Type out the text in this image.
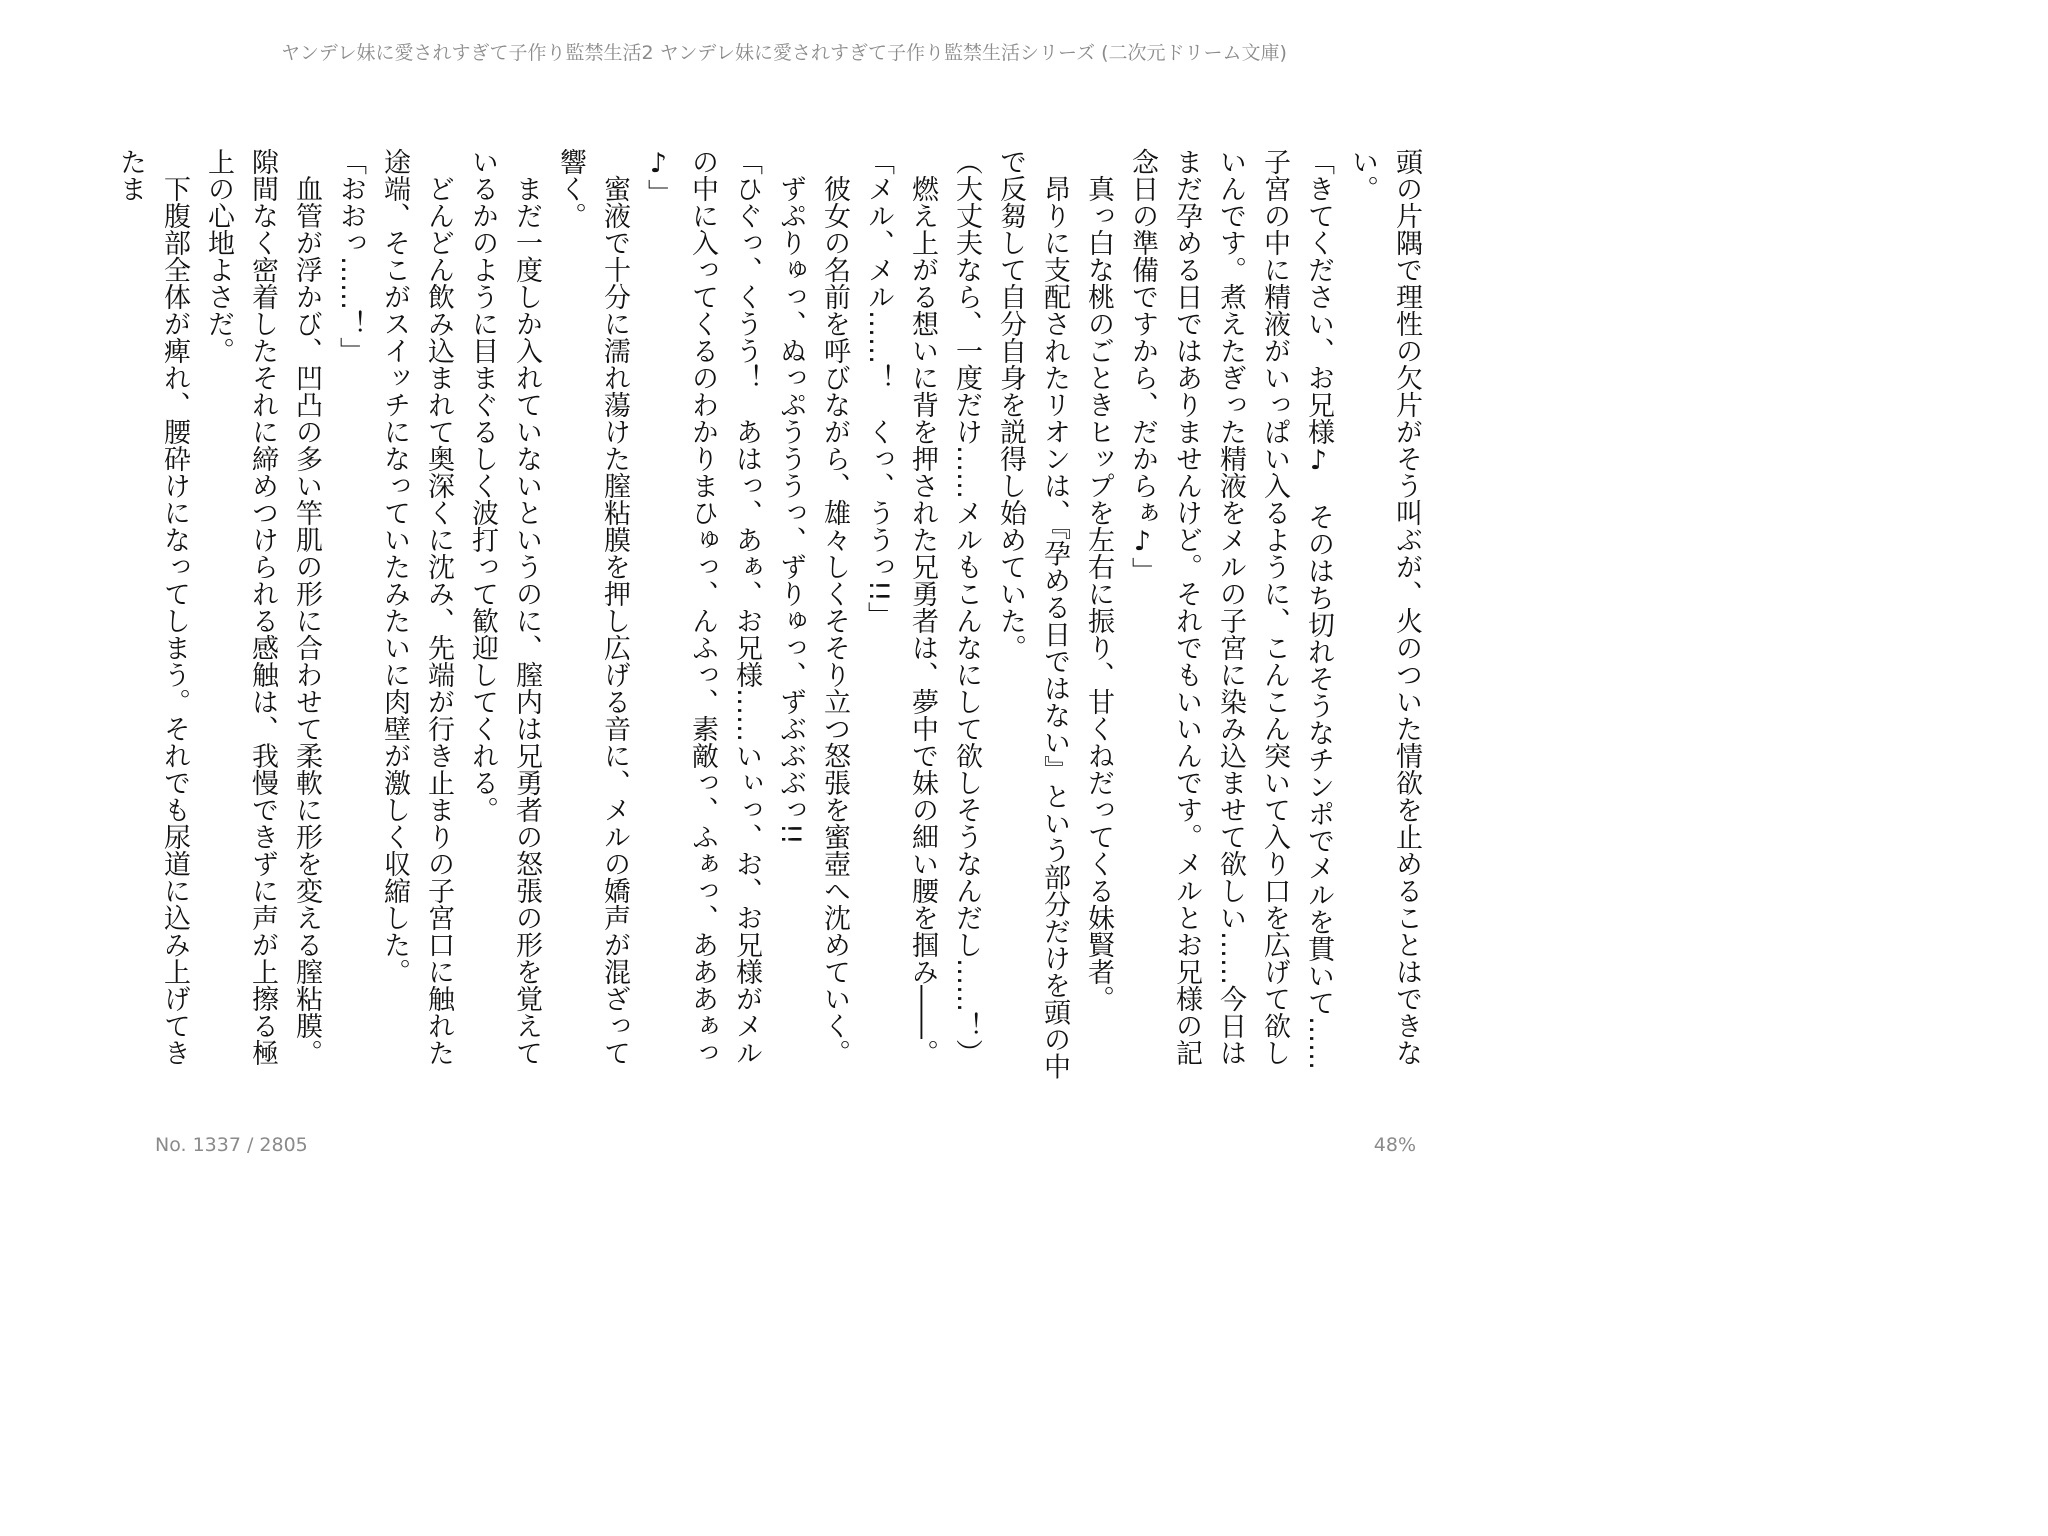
ヤンデレ妹に愛されすぎて子作り監禁生活2 ヤンデレ妹に愛されすぎて子作り監禁生活シリーズ (二次元ドリーム文庫)

頭の片隅で理性の欠片がそう叫ぶが、火のついた情欲を止めることはできない。

「きてください、お兄様♪　そのはち切れそうなチンポでメルを貫いて……子宮の中に精液がいっぱい入るように、こんこん突いて入り口を広げて欲しいんです。煮えたぎった精液をメルの子宮に染み込ませて欲しい……今日はまだ孕める日ではありませんけど。それでもいいんです。メルとお兄様の記念日の準備ですから、だからぁ♪」

　真っ白な桃のごときヒップを左右に振り、甘くねだってくる妹賢者。

　昂りに支配されたリオンは、『孕める日ではない』という部分だけを頭の中で反芻して自分自身を説得し始めていた。

（大丈夫なら、一度だけ……メルもこんなにして欲しそうなんだし……！）

　燃え上がる想いに背を押された兄勇者は、夢中で妹の細い腰を掴み――。

「メル、メル……！　くっ、ううっ!!」

　彼女の名前を呼びながら、雄々しくそそり立つ怒張を蜜壺へ沈めていく。

　ずぷりゅっ、ぬっぷうううっ、ずりゅっ、ずぶぶぶっ!!

「ひぐっ、くうう！　あはっ、あぁ、お兄様……いぃっ、お、お兄様がメルの中に入ってくるのわかりまひゅっ、んふっ、素敵っ、ふぁっ、あああぁっ♪」

　蜜液で十分に濡れ蕩けた膣粘膜を押し広げる音に、メルの嬌声が混ざって響く。

　まだ一度しか入れていないというのに、膣内は兄勇者の怒張の形を覚えているかのように目まぐるしく波打って歓迎してくれる。

　どんどん飲み込まれて奥深くに沈み、先端が行き止まりの子宮口に触れた途端、そこがスイッチになっていたみたいに肉壁が激しく収縮した。

「おおっ……！」

　血管が浮かび、凹凸の多い竿肌の形に合わせて柔軟に形を変える膣粘膜。隙間なく密着したそれに締めつけられる感触は、我慢できずに声が上擦る極上の心地よさだ。

　下腹部全体が痺れ、腰砕けになってしまう。それでも尿道に込み上げてきたま

No. 1337 / 2805	48%
